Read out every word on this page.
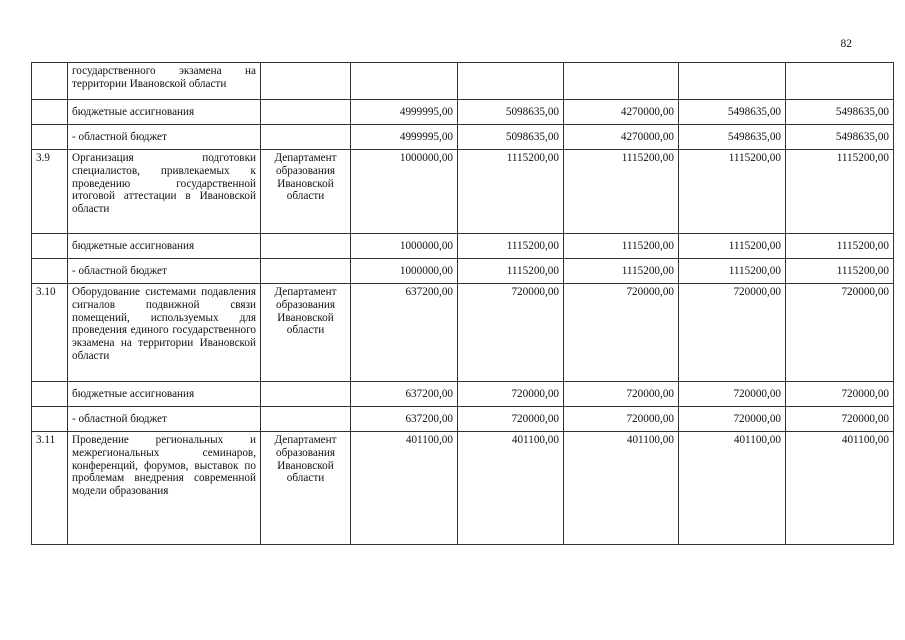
82
	государственного экзамена на территории Ивановской области						
	бюджетные ассигнования		4999995,00	5098635,00	4270000,00	5498635,00	5498635,00
	- областной бюджет		4999995,00	5098635,00	4270000,00	5498635,00	5498635,00
3.9	Организация подготовки специалистов, привлекаемых к проведению государственной итоговой аттестации в Ивановской области	Департамент образования Ивановской области	1000000,00	1115200,00	1115200,00	1115200,00	1115200,00
	бюджетные ассигнования		1000000,00	1115200,00	1115200,00	1115200,00	1115200,00
	- областной бюджет		1000000,00	1115200,00	1115200,00	1115200,00	1115200,00
3.10	Оборудование системами подавления сигналов подвижной связи помещений, используемых для проведения единого государственного экзамена на территории Ивановской области	Департамент образования Ивановской области	637200,00	720000,00	720000,00	720000,00	720000,00
	бюджетные ассигнования		637200,00	720000,00	720000,00	720000,00	720000,00
	- областной бюджет		637200,00	720000,00	720000,00	720000,00	720000,00
3.11	Проведение региональных и межрегиональных семинаров, конференций, форумов, выставок по проблемам внедрения современной модели образования	Департамент образования Ивановской области	401100,00	401100,00	401100,00	401100,00	401100,00
